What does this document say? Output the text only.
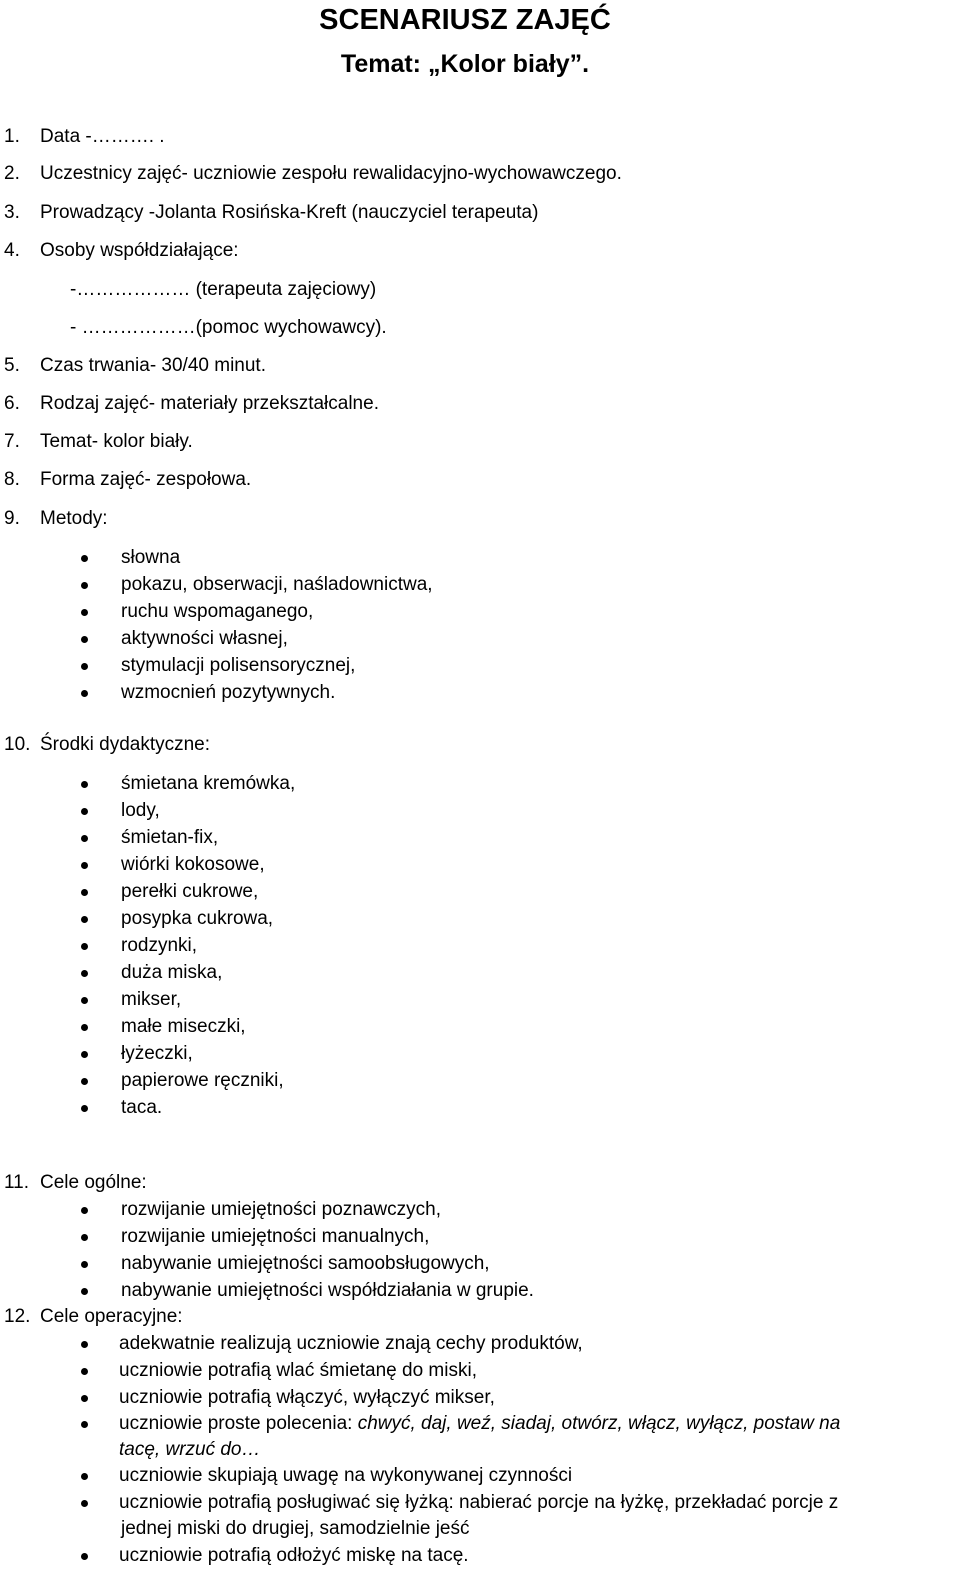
SCENARIUSZ ZAJĘĆ
Temat: „Kolor biały”.
1.	Data -………. .
2.	Uczestnicy zajęć- uczniowie zespołu rewalidacyjno-wychowawczego.
3.	Prowadzący -Jolanta Rosińska-Kreft (nauczyciel terapeuta)
4.	Osoby współdziałające:
-……………… (terapeuta zajęciowy)
- ………………(pomoc wychowawcy).
5.	Czas trwania- 30/40 minut.
6.	Rodzaj zajęć- materiały przekształcalne.
7.	Temat- kolor biały.
8.	Forma zajęć- zespołowa.
9.	Metody:
słowna
pokazu, obserwacji, naśladownictwa,
ruchu wspomaganego,
aktywności własnej,
stymulacji polisensorycznej,
wzmocnień pozytywnych.
10. Środki dydaktyczne:
śmietana kremówka,
lody,
śmietan-fix,
wiórki kokosowe,
perełki cukrowe,
posypka cukrowa,
rodzynki,
duża miska,
mikser,
małe miseczki,
łyżeczki,
papierowe ręczniki,
taca.
11. Cele ogólne:
rozwijanie umiejętności poznawczych,
rozwijanie umiejętności manualnych,
nabywanie umiejętności samoobsługowych,
nabywanie umiejętności współdziałania w grupie.
12. Cele operacyjne:
adekwatnie realizują uczniowie znają cechy produktów,
uczniowie potrafią wlać śmietanę do miski,
uczniowie potrafią włączyć, wyłączyć mikser,
uczniowie proste polecenia: chwyć, daj, weź, siadaj, otwórz, włącz, wyłącz, postaw na
tacę, wrzuć do…
uczniowie skupiają uwagę na wykonywanej czynności
uczniowie potrafią posługiwać się łyżką: nabierać porcje na łyżkę, przekładać porcje z
jednej miski do drugiej, samodzielnie jeść
uczniowie potrafią odłożyć miskę na tacę.
